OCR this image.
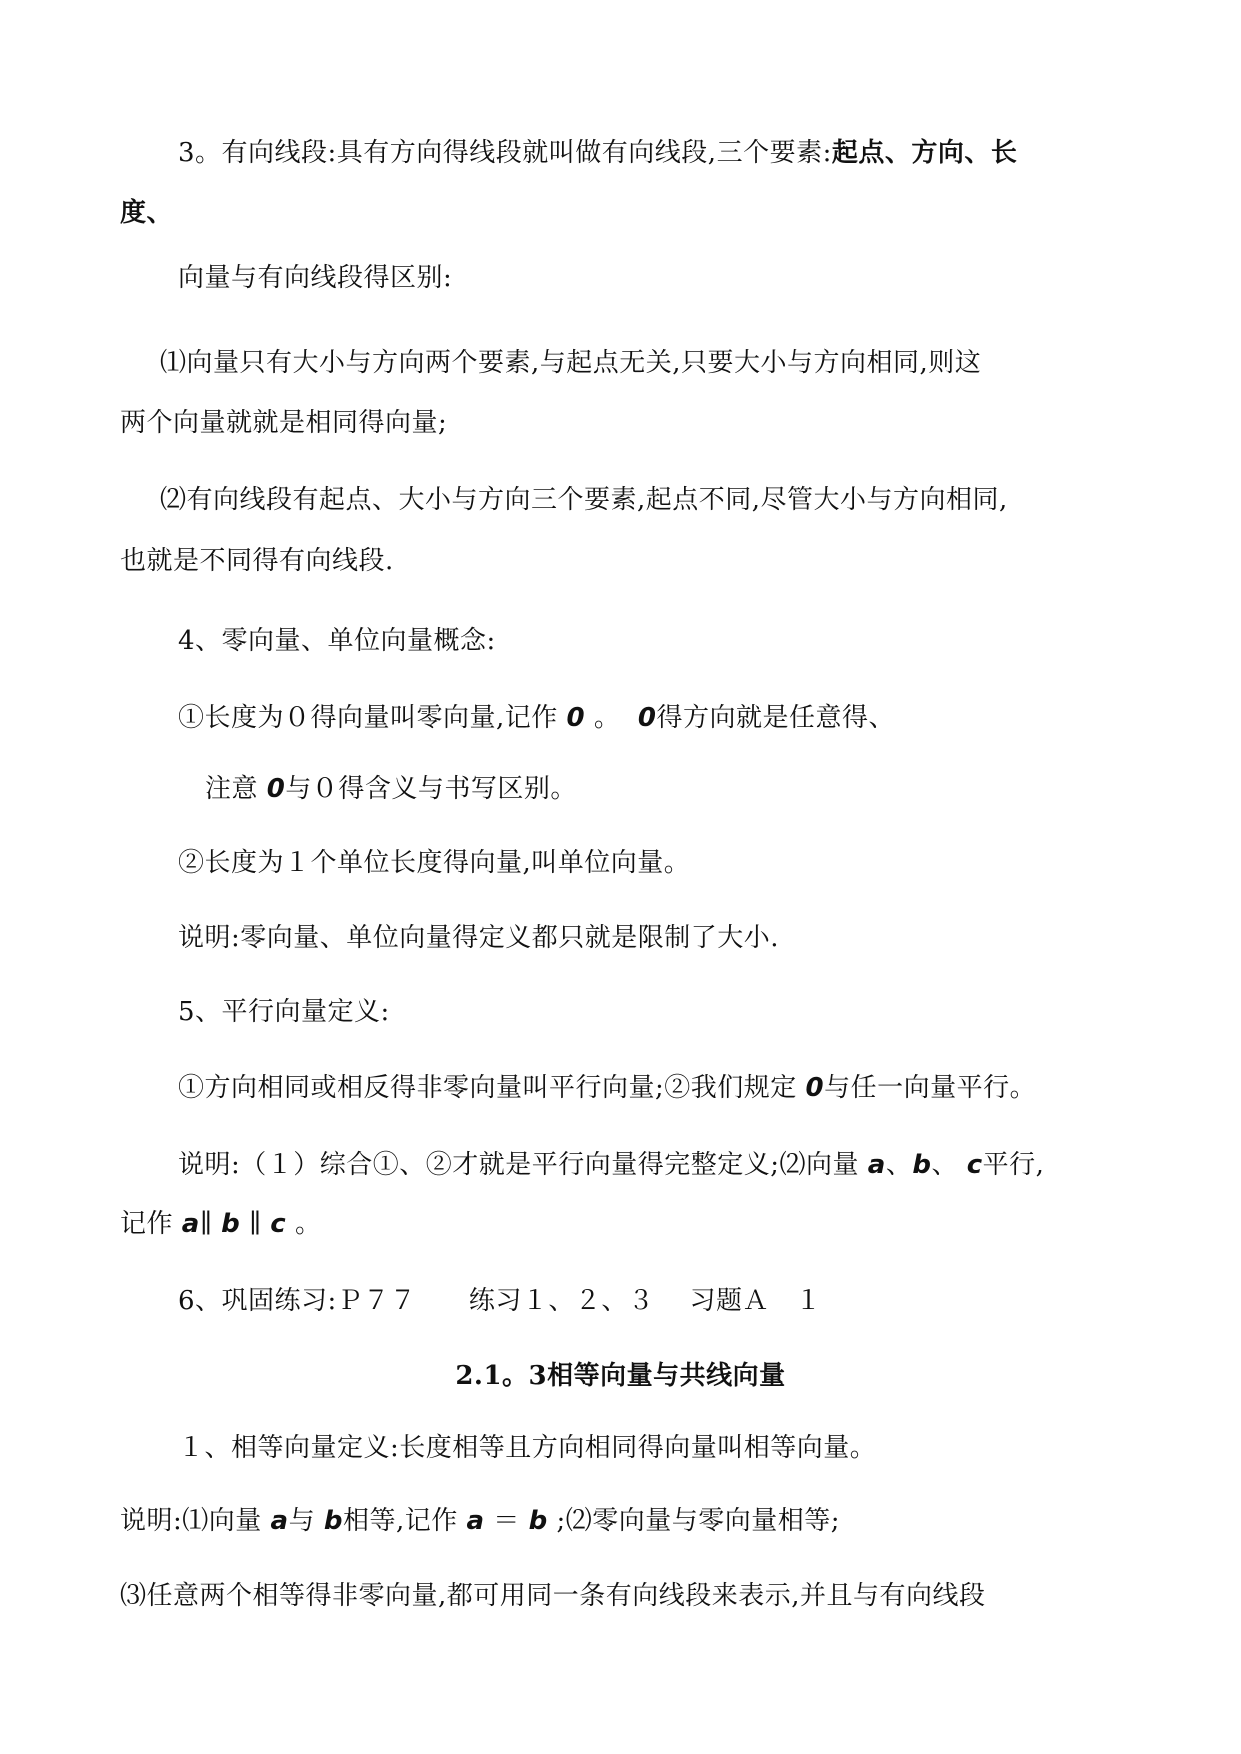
3。有向线段:具有方向得线段就叫做有向线段,三个要素:起点、方向、长
度、
向量与有向线段得区别:
⑴向量只有大小与方向两个要素,与起点无关,只要大小与方向相同,则这
两个向量就就是相同得向量;
⑵有向线段有起点、大小与方向三个要素,起点不同,尽管大小与方向相同,
也就是不同得有向线段.
4、零向量、单位向量概念:
①长度为０得向量叫零向量,记作 0 。  0得方向就是任意得、
注意 0与０得含义与书写区别。
②长度为１个单位长度得向量,叫单位向量。
说明:零向量、单位向量得定义都只就是限制了大小.
5、平行向量定义:
①方向相同或相反得非零向量叫平行向量;②我们规定 0与任一向量平行。
说明:（１）综合①、②才就是平行向量得完整定义;⑵向量 a、b、 c平行,
记作 a∥ b ∥ c 。
6、巩固练习:Ｐ７７      练习１、２、３    习题Ａ   １
2.1。3相等向量与共线向量
１、相等向量定义:长度相等且方向相同得向量叫相等向量。
说明:⑴向量 a与 b相等,记作 a ＝ b ;⑵零向量与零向量相等;
⑶任意两个相等得非零向量,都可用同一条有向线段来表示,并且与有向线段
